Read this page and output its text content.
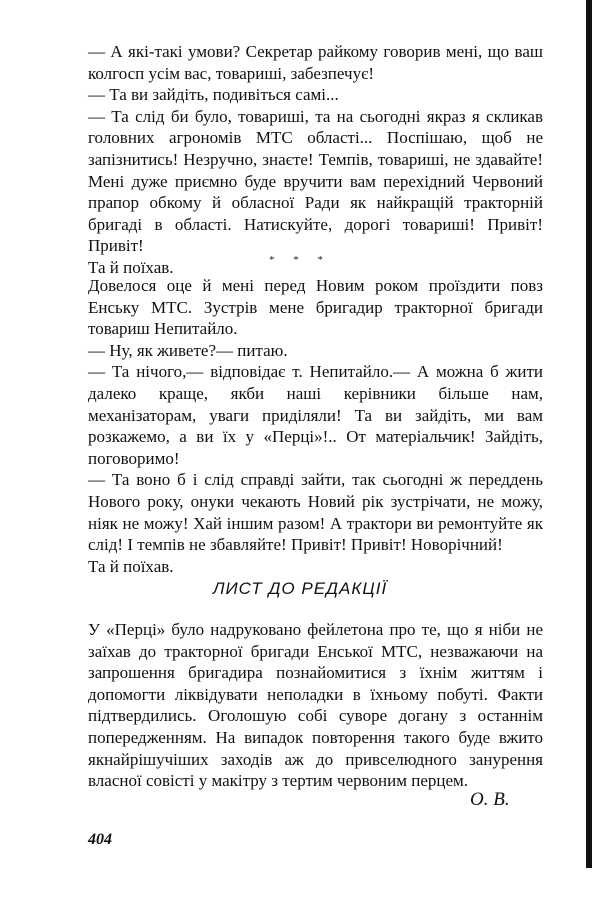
— А які-такі умови? Секретар райкому говорив мені, що ваш колгосп усім вас, товариші, забезпечує!

— Та ви зайдіть, подивіться самі...

— Та слід би було, товариші, та на сьогодні якраз я скликав головних агрономів МТС області... Поспішаю, щоб не запізнитись! Незручно, знаєте! Темпів, товариші, не здавайте! Мені дуже приємно буде вручити вам перехідний Червоний прапор обкому й обласної Ради як найкращій тракторній бригаді в області. Натискуйте, дорогі товариші! Привіт! Привіт!

Та й поїхав.	* * *

Довелося оце й мені перед Новим роком проїздити повз Енську МТС. Зустрів мене бригадир тракторної бригади товариш Непитайло.

— Ну, як живете?— питаю.

— Та нічого,— відповідає т. Непитайло.— А можна б жити далеко краще, якби наші керівники більше нам, механізаторам, уваги приділяли! Та ви зайдіть, ми вам розкажемо, а ви їх у «Перці»!.. От матеріальчик! Зайдіть, поговоримо!

— Та воно б і слід справді зайти, так сьогодні ж переддень Нового року, онуки чекають Новий рік зустрічати, не можу, ніяк не можу! Хай іншим разом! А трактори ви ремонтуйте як слід! І темпів не збавляйте! Привіт! Привіт! Новорічний!

Та й поїхав.

ЛИСТ ДО РЕДАКЦІЇ

У «Перці» було надруковано фейлетона про те, що я ніби не заїхав до тракторної бригади Енської МТС, незважаючи на запрошення бригадира познайомитися з їхнім життям і допомогти ліквідувати неполадки в їхньому побуті. Факти підтвердились. Оголошую собі суворе догану з останнім попередженням. На випадок повторення такого буде вжито якнайрішучіших заходів аж до привселюдного занурення власної совісті у макітру з тертим червоним перцем.

О. В.
404
